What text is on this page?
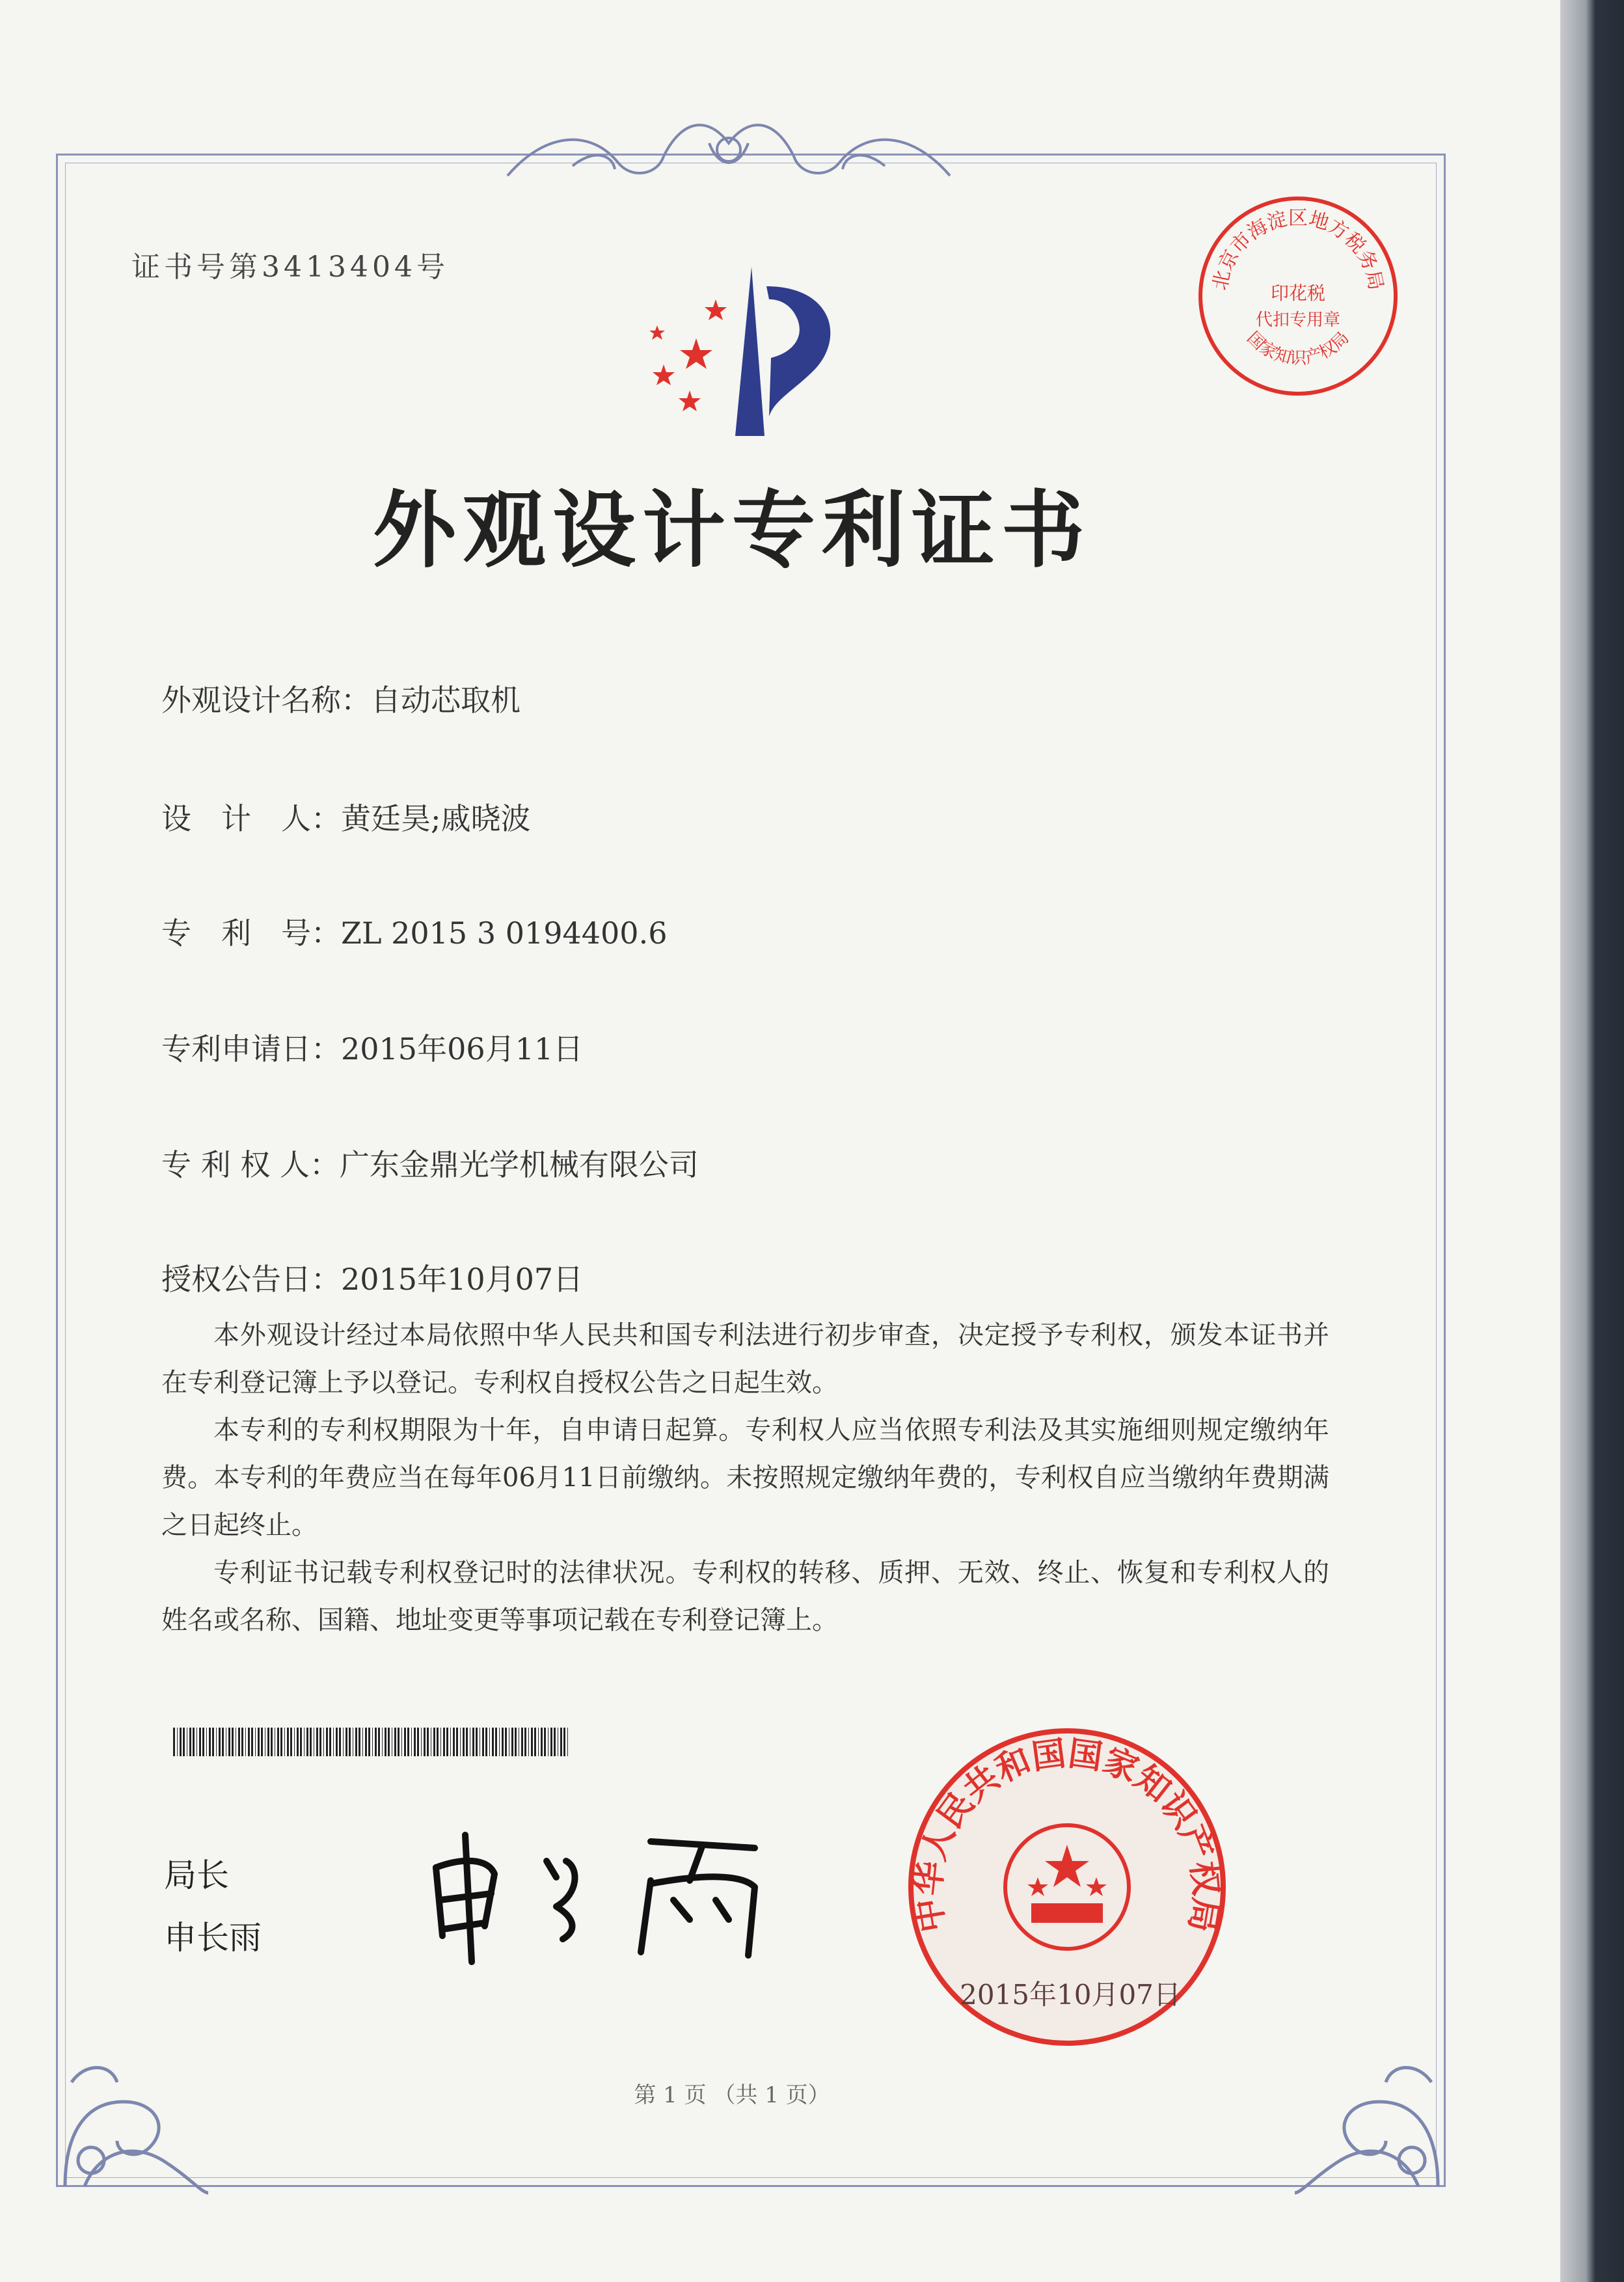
证书号第3413404号	北京市海淀区地方税务局
印花税
代扣专用章
国家知识产权局
外观设计专利证书
外观设计名称：自动芯取机
设　计　人：黄廷昊;戚晓波
专　利　号：ZL 2015 3 0194400.6
专利申请日：2015年06月11日
专 利 权 人：广东金鼎光学机械有限公司
授权公告日：2015年10月07日

本外观设计经过本局依照中华人民共和国专利法进行初步审查，决定授予专利权，颁发本证书并在专利登记簿上予以登记。专利权自授权公告之日起生效。

本专利的专利权期限为十年，自申请日起算。专利权人应当依照专利法及其实施细则规定缴纳年费。本专利的年费应当在每年06月11日前缴纳。未按照规定缴纳年费的，专利权自应当缴纳年费期满之日起终止。

专利证书记载专利权登记时的法律状况。专利权的转移、质押、无效、终止、恢复和专利权人的姓名或名称、国籍、地址变更等事项记载在专利登记簿上。

局长
申长雨
中华人民共和国国家知识产权局
2015年10月07日
第 1 页 （共 1 页）
